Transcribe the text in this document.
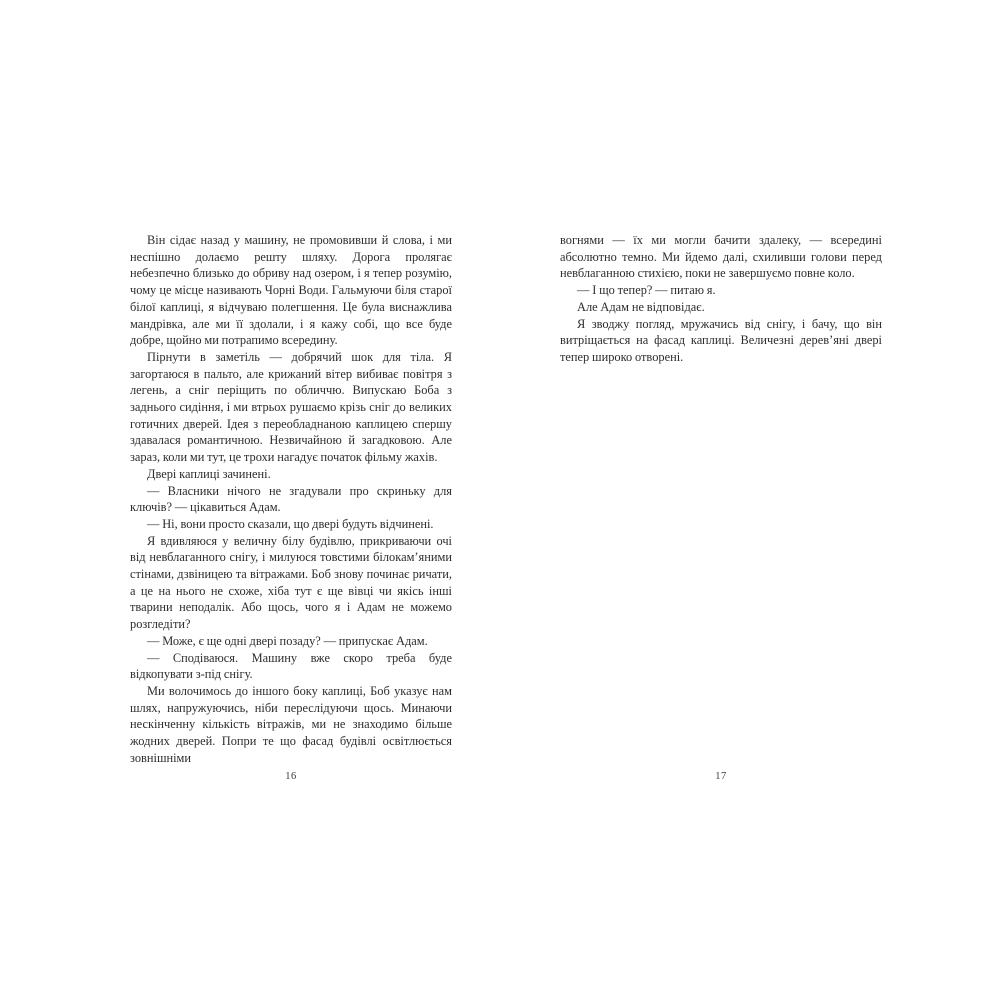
Він сідає назад у машину, не промовивши й слова, і ми неспішно долаємо решту шляху. Дорога пролягає небезпечно близько до обриву над озером, і я тепер розумію, чому це місце називають Чорні Води. Гальмуючи біля старої білої каплиці, я відчуваю полегшення. Це була виснажлива мандрівка, але ми її здолали, і я кажу собі, що все буде добре, щойно ми потрапимо всередину.

Пірнути в заметіль — добрячий шок для тіла. Я загортаюся в пальто, але крижаний вітер вибиває повітря з легень, а сніг періщить по обличчю. Випускаю Боба з заднього сидіння, і ми втрьох рушаємо крізь сніг до великих готичних дверей. Ідея з переобладнаною каплицею спершу здавалася романтичною. Незвичайною й загадковою. Але зараз, коли ми тут, це трохи нагадує початок фільму жахів.

Двері каплиці зачинені.

— Власники нічого не згадували про скриньку для ключів? — цікавиться Адам.

— Ні, вони просто сказали, що двері будуть відчинені.

Я вдивляюся у величну білу будівлю, прикриваючи очі від невблаганного снігу, і милуюся товстими білокам’яними стінами, дзвіницею та вітражами. Боб знову починає ричати, а це на нього не схоже, хіба тут є ще вівці чи якісь інші тварини неподалік. Або щось, чого я і Адам не можемо розгледіти?

— Може, є ще одні двері позаду? — припускає Адам.

— Сподіваюся. Машину вже скоро треба буде відкопувати з-під снігу.

Ми волочимось до іншого боку каплиці, Боб указує нам шлях, напружуючись, ніби переслідуючи щось. Минаючи нескінченну кількість вітражів, ми не знаходимо більше жодних дверей. Попри те що фасад будівлі освітлюється зовнішніми

16

вогнями — їх ми могли бачити здалеку, — всередині абсолютно темно. Ми йдемо далі, схиливши голови перед невблаганною стихією, поки не завершуємо повне коло.

— І що тепер? — питаю я.

Але Адам не відповідає.

Я зводжу погляд, мружачись від снігу, і бачу, що він витріщається на фасад каплиці. Величезні дерев’яні двері тепер широко отворені.

17
